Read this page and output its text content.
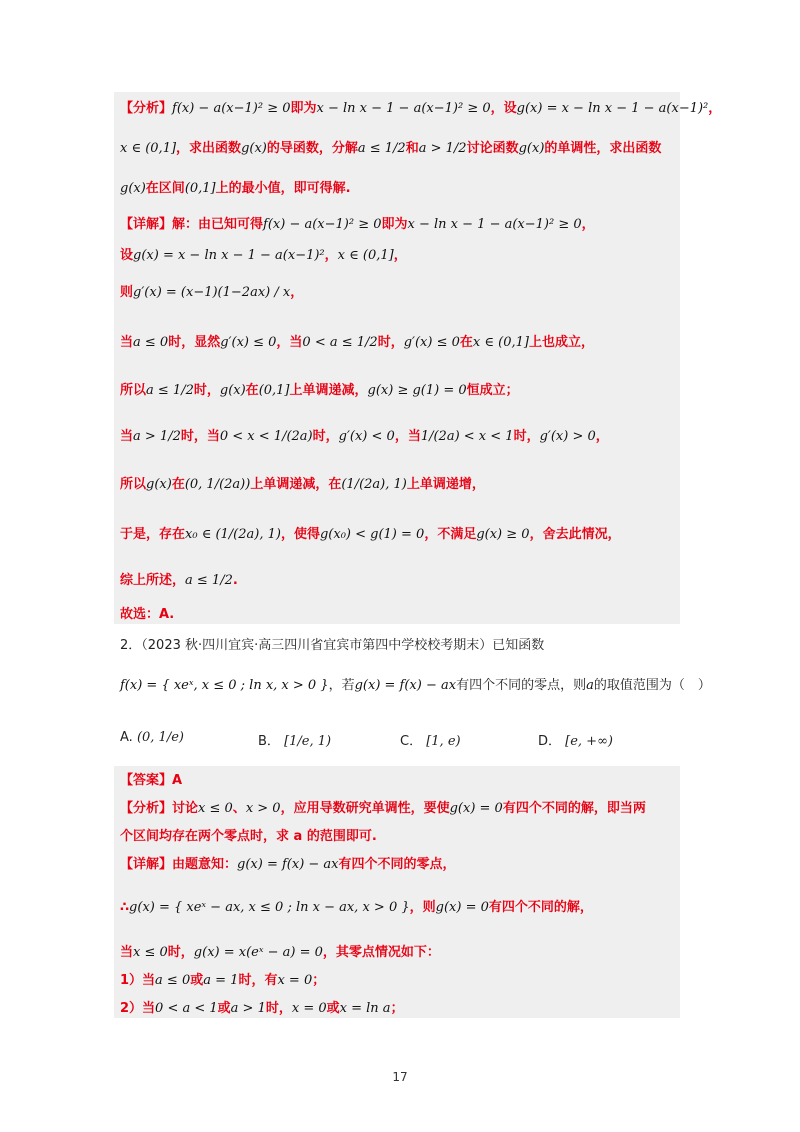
【分析】f(x) − a(x−1)² ≥ 0即为x − ln x − 1 − a(x−1)² ≥ 0，设g(x) = x − ln x − 1 − a(x−1)²，
x ∈ (0,1]，求出函数g(x)的导函数，分解a ≤ 1/2和a > 1/2讨论函数g(x)的单调性，求出函数
g(x)在区间(0,1]上的最小值，即可得解.
【详解】解：由已知可得f(x) − a(x−1)² ≥ 0即为x − ln x − 1 − a(x−1)² ≥ 0，
设g(x) = x − ln x − 1 − a(x−1)²，x ∈ (0,1]，
则g′(x) = (x−1)(1−2ax) / x，
当a ≤ 0时，显然g′(x) ≤ 0，当0 < a ≤ 1/2时，g′(x) ≤ 0在x ∈ (0,1]上也成立，
所以a ≤ 1/2时，g(x)在(0,1]上单调递减，g(x) ≥ g(1) = 0恒成立；
当a > 1/2时，当0 < x < 1/(2a)时，g′(x) < 0，当1/(2a) < x < 1时，g′(x) > 0，
所以g(x)在(0, 1/(2a))上单调递减，在(1/(2a), 1)上单调递增，
于是，存在x₀ ∈ (1/(2a), 1)，使得g(x₀) < g(1) = 0，不满足g(x) ≥ 0，舍去此情况，
综上所述，a ≤ 1/2.
故选：A.
2．（2023 秋·四川宜宾·高三四川省宜宾市第四中学校校考期末）已知函数
f(x) = { xeˣ, x ≤ 0 ; ln x, x > 0 }，若g(x) = f(x) − ax有四个不同的零点，则a的取值范围为（　）
A. (0, 1/e)	B． [1/e, 1)	C． [1, e)	D． [e, +∞)
【答案】A
【分析】讨论x ≤ 0、x > 0，应用导数研究单调性，要使g(x) = 0有四个不同的解，即当两
个区间均存在两个零点时，求 a 的范围即可.
【详解】由题意知：g(x) = f(x) − ax有四个不同的零点，
∴g(x) = { xeˣ − ax, x ≤ 0 ; ln x − ax, x > 0 }，则g(x) = 0有四个不同的解，
当x ≤ 0时，g(x) = x(eˣ − a) = 0，其零点情况如下：
1）当a ≤ 0或a = 1时，有x = 0；
2）当0 < a < 1或a > 1时，x = 0或x = ln a；
17
